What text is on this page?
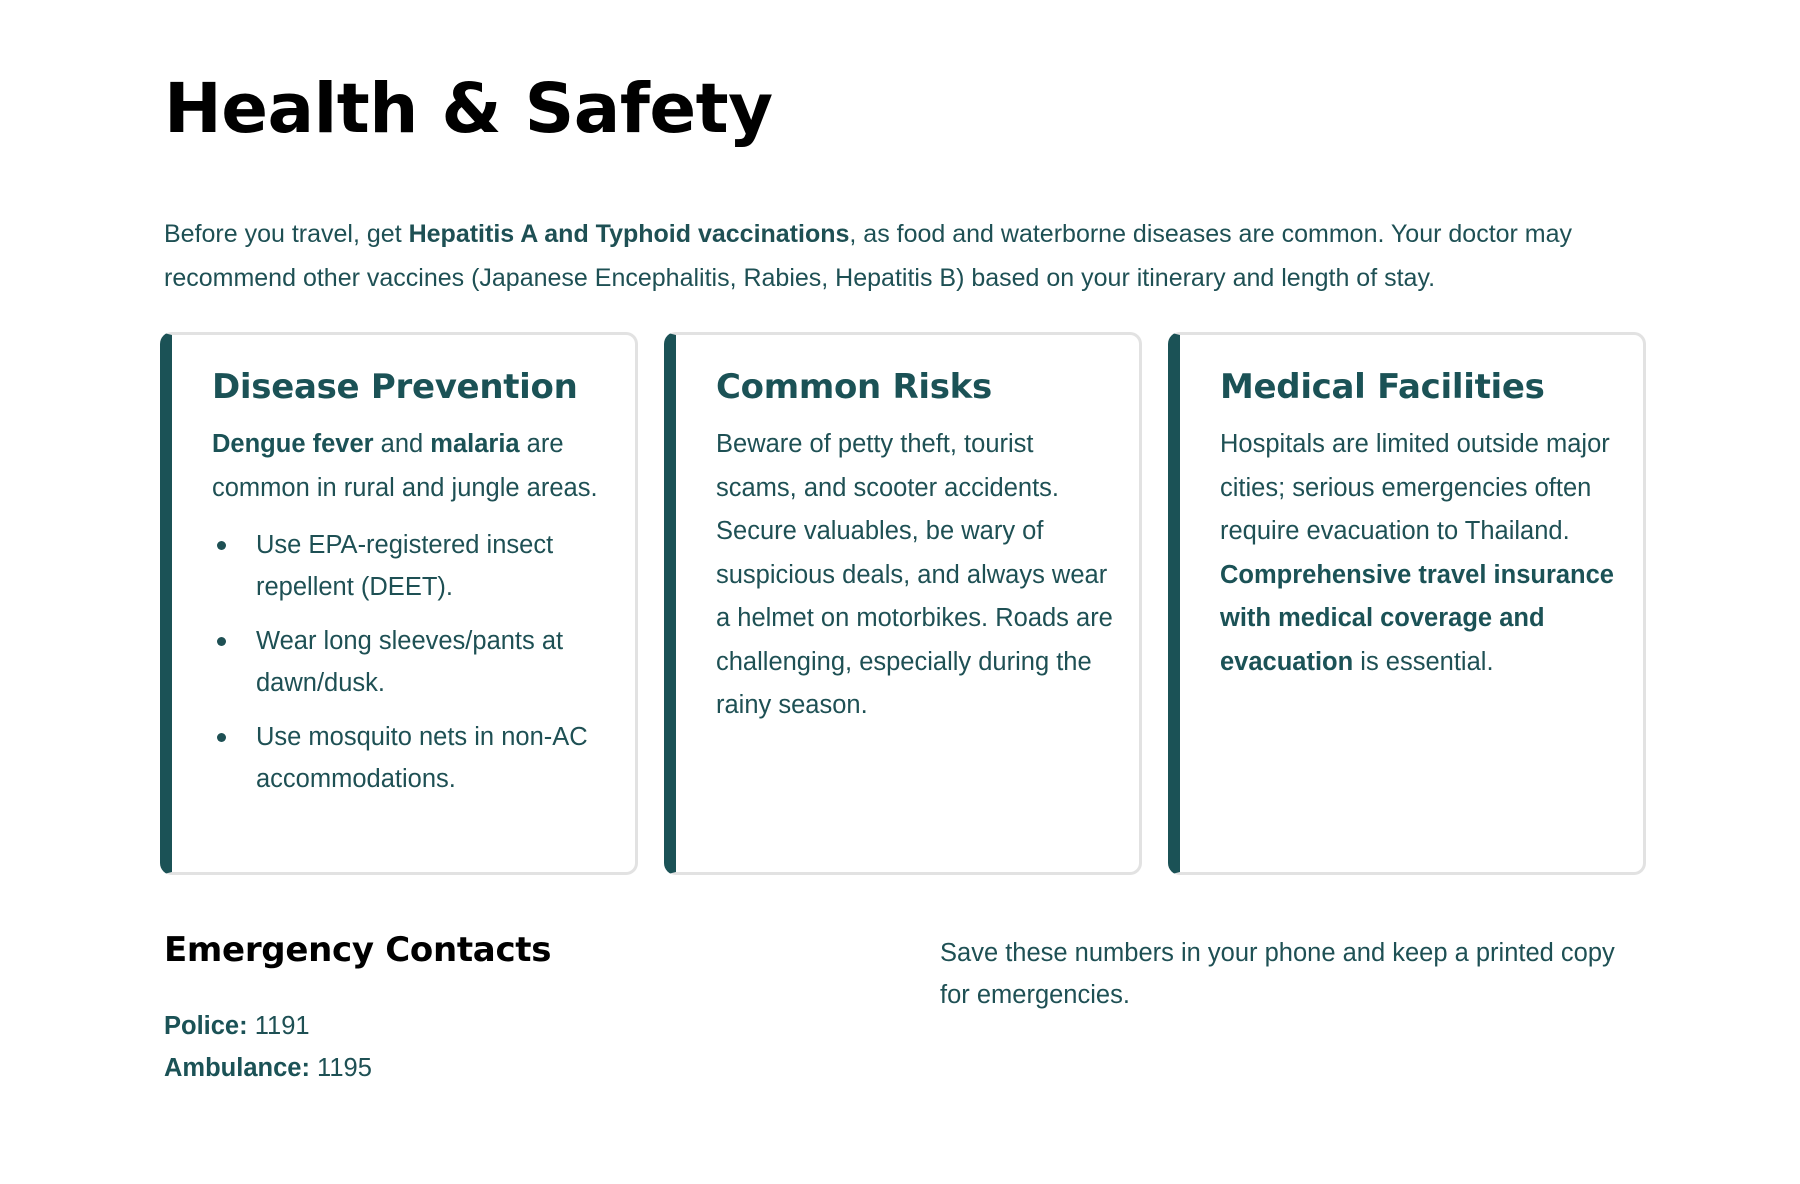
Health & Safety

Before you travel, get Hepatitis A and Typhoid vaccinations, as food and waterborne diseases are common. Your doctor may recommend other vaccines (Japanese Encephalitis, Rabies, Hepatitis B) based on your itinerary and length of stay.

Disease Prevention

Dengue fever and malaria are common in rural and jungle areas.

Use EPA-registered insect repellent (DEET).
Wear long sleeves/pants at dawn/dusk.
Use mosquito nets in non-AC accommodations.
Common Risks

Beware of petty theft, tourist scams, and scooter accidents. Secure valuables, be wary of suspicious deals, and always wear a helmet on motorbikes. Roads are challenging, especially during the rainy season.

Medical Facilities

Hospitals are limited outside major cities; serious emergencies often require evacuation to Thailand. Comprehensive travel insurance with medical coverage and evacuation is essential.

Emergency Contacts
Police: 1191
Ambulance: 1195

Save these numbers in your phone and keep a printed copy for emergencies.
